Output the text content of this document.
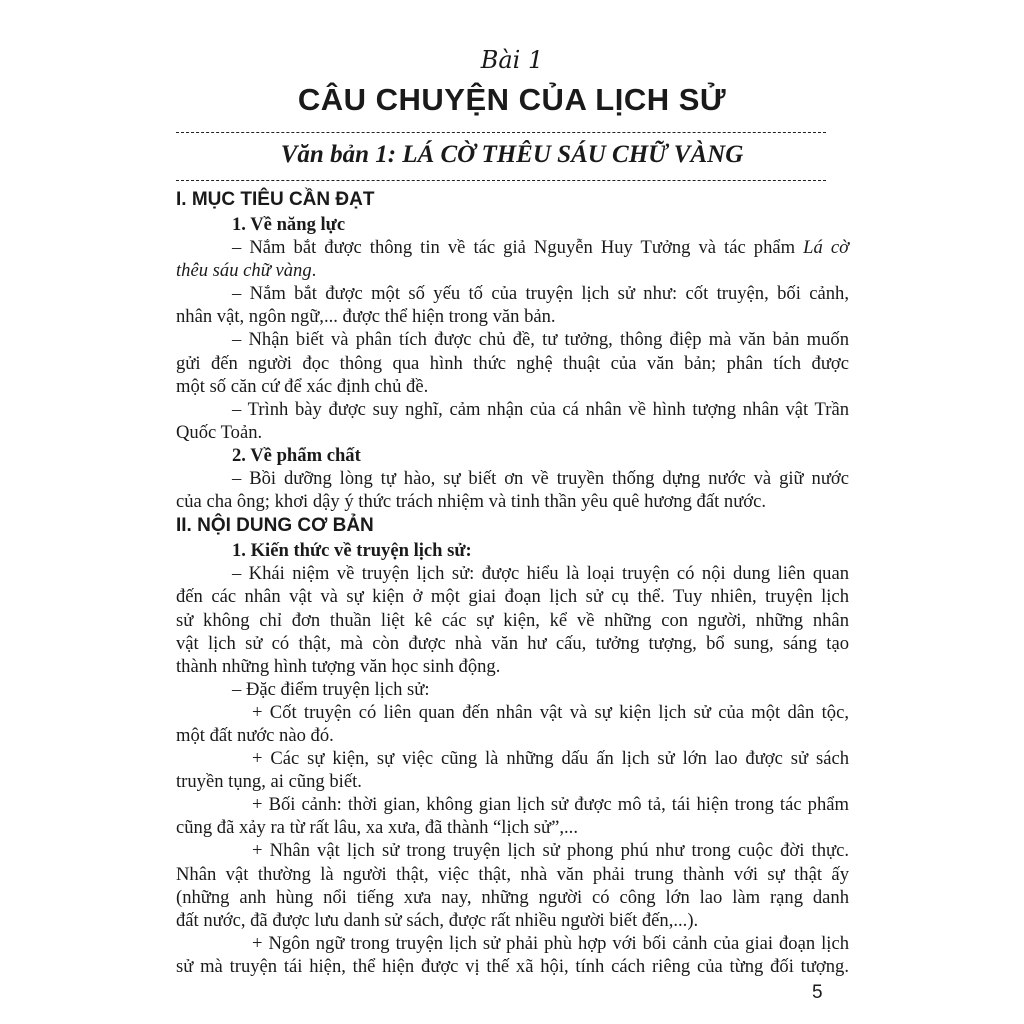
Bài 1
CÂU CHUYỆN CỦA LỊCH SỬ
Văn bản 1: LÁ CỜ THÊU SÁU CHỮ VÀNG
I. MỤC TIÊU CẦN ĐẠT
1. Về năng lực
– Nắm bắt được thông tin về tác giả Nguyễn Huy Tưởng và tác phẩm Lá cờ
thêu sáu chữ vàng.
– Nắm bắt được một số yếu tố của truyện lịch sử như: cốt truyện, bối cảnh,
nhân vật, ngôn ngữ,... được thể hiện trong văn bản.
– Nhận biết và phân tích được chủ đề, tư tưởng, thông điệp mà văn bản muốn
gửi đến người đọc thông qua hình thức nghệ thuật của văn bản; phân tích được
một số căn cứ để xác định chủ đề.
– Trình bày được suy nghĩ, cảm nhận của cá nhân về hình tượng nhân vật Trần
Quốc Toản.
2. Về phẩm chất
– Bồi dưỡng lòng tự hào, sự biết ơn về truyền thống dựng nước và giữ nước
của cha ông; khơi dậy ý thức trách nhiệm và tinh thần yêu quê hương đất nước.
II. NỘI DUNG CƠ BẢN
1. Kiến thức về truyện lịch sử:
– Khái niệm về truyện lịch sử: được hiểu là loại truyện có nội dung liên quan
đến các nhân vật và sự kiện ở một giai đoạn lịch sử cụ thể. Tuy nhiên, truyện lịch
sử không chỉ đơn thuần liệt kê các sự kiện, kể về những con người, những nhân
vật lịch sử có thật, mà còn được nhà văn hư cấu, tưởng tượng, bổ sung, sáng tạo
thành những hình tượng văn học sinh động.
– Đặc điểm truyện lịch sử:
+ Cốt truyện có liên quan đến nhân vật và sự kiện lịch sử của một dân tộc,
một đất nước nào đó.
+ Các sự kiện, sự việc cũng là những dấu ấn lịch sử lớn lao được sử sách
truyền tụng, ai cũng biết.
+ Bối cảnh: thời gian, không gian lịch sử được mô tả, tái hiện trong tác phẩm
cũng đã xảy ra từ rất lâu, xa xưa, đã thành “lịch sử”,...
+ Nhân vật lịch sử trong truyện lịch sử phong phú như trong cuộc đời thực.
Nhân vật thường là người thật, việc thật, nhà văn phải trung thành với sự thật ấy
(những anh hùng nổi tiếng xưa nay, những người có công lớn lao làm rạng danh
đất nước, đã được lưu danh sử sách, được rất nhiều người biết đến,...).
+ Ngôn ngữ trong truyện lịch sử phải phù hợp với bối cảnh của giai đoạn lịch
sử mà truyện tái hiện, thể hiện được vị thế xã hội, tính cách riêng của từng đối tượng.
5
